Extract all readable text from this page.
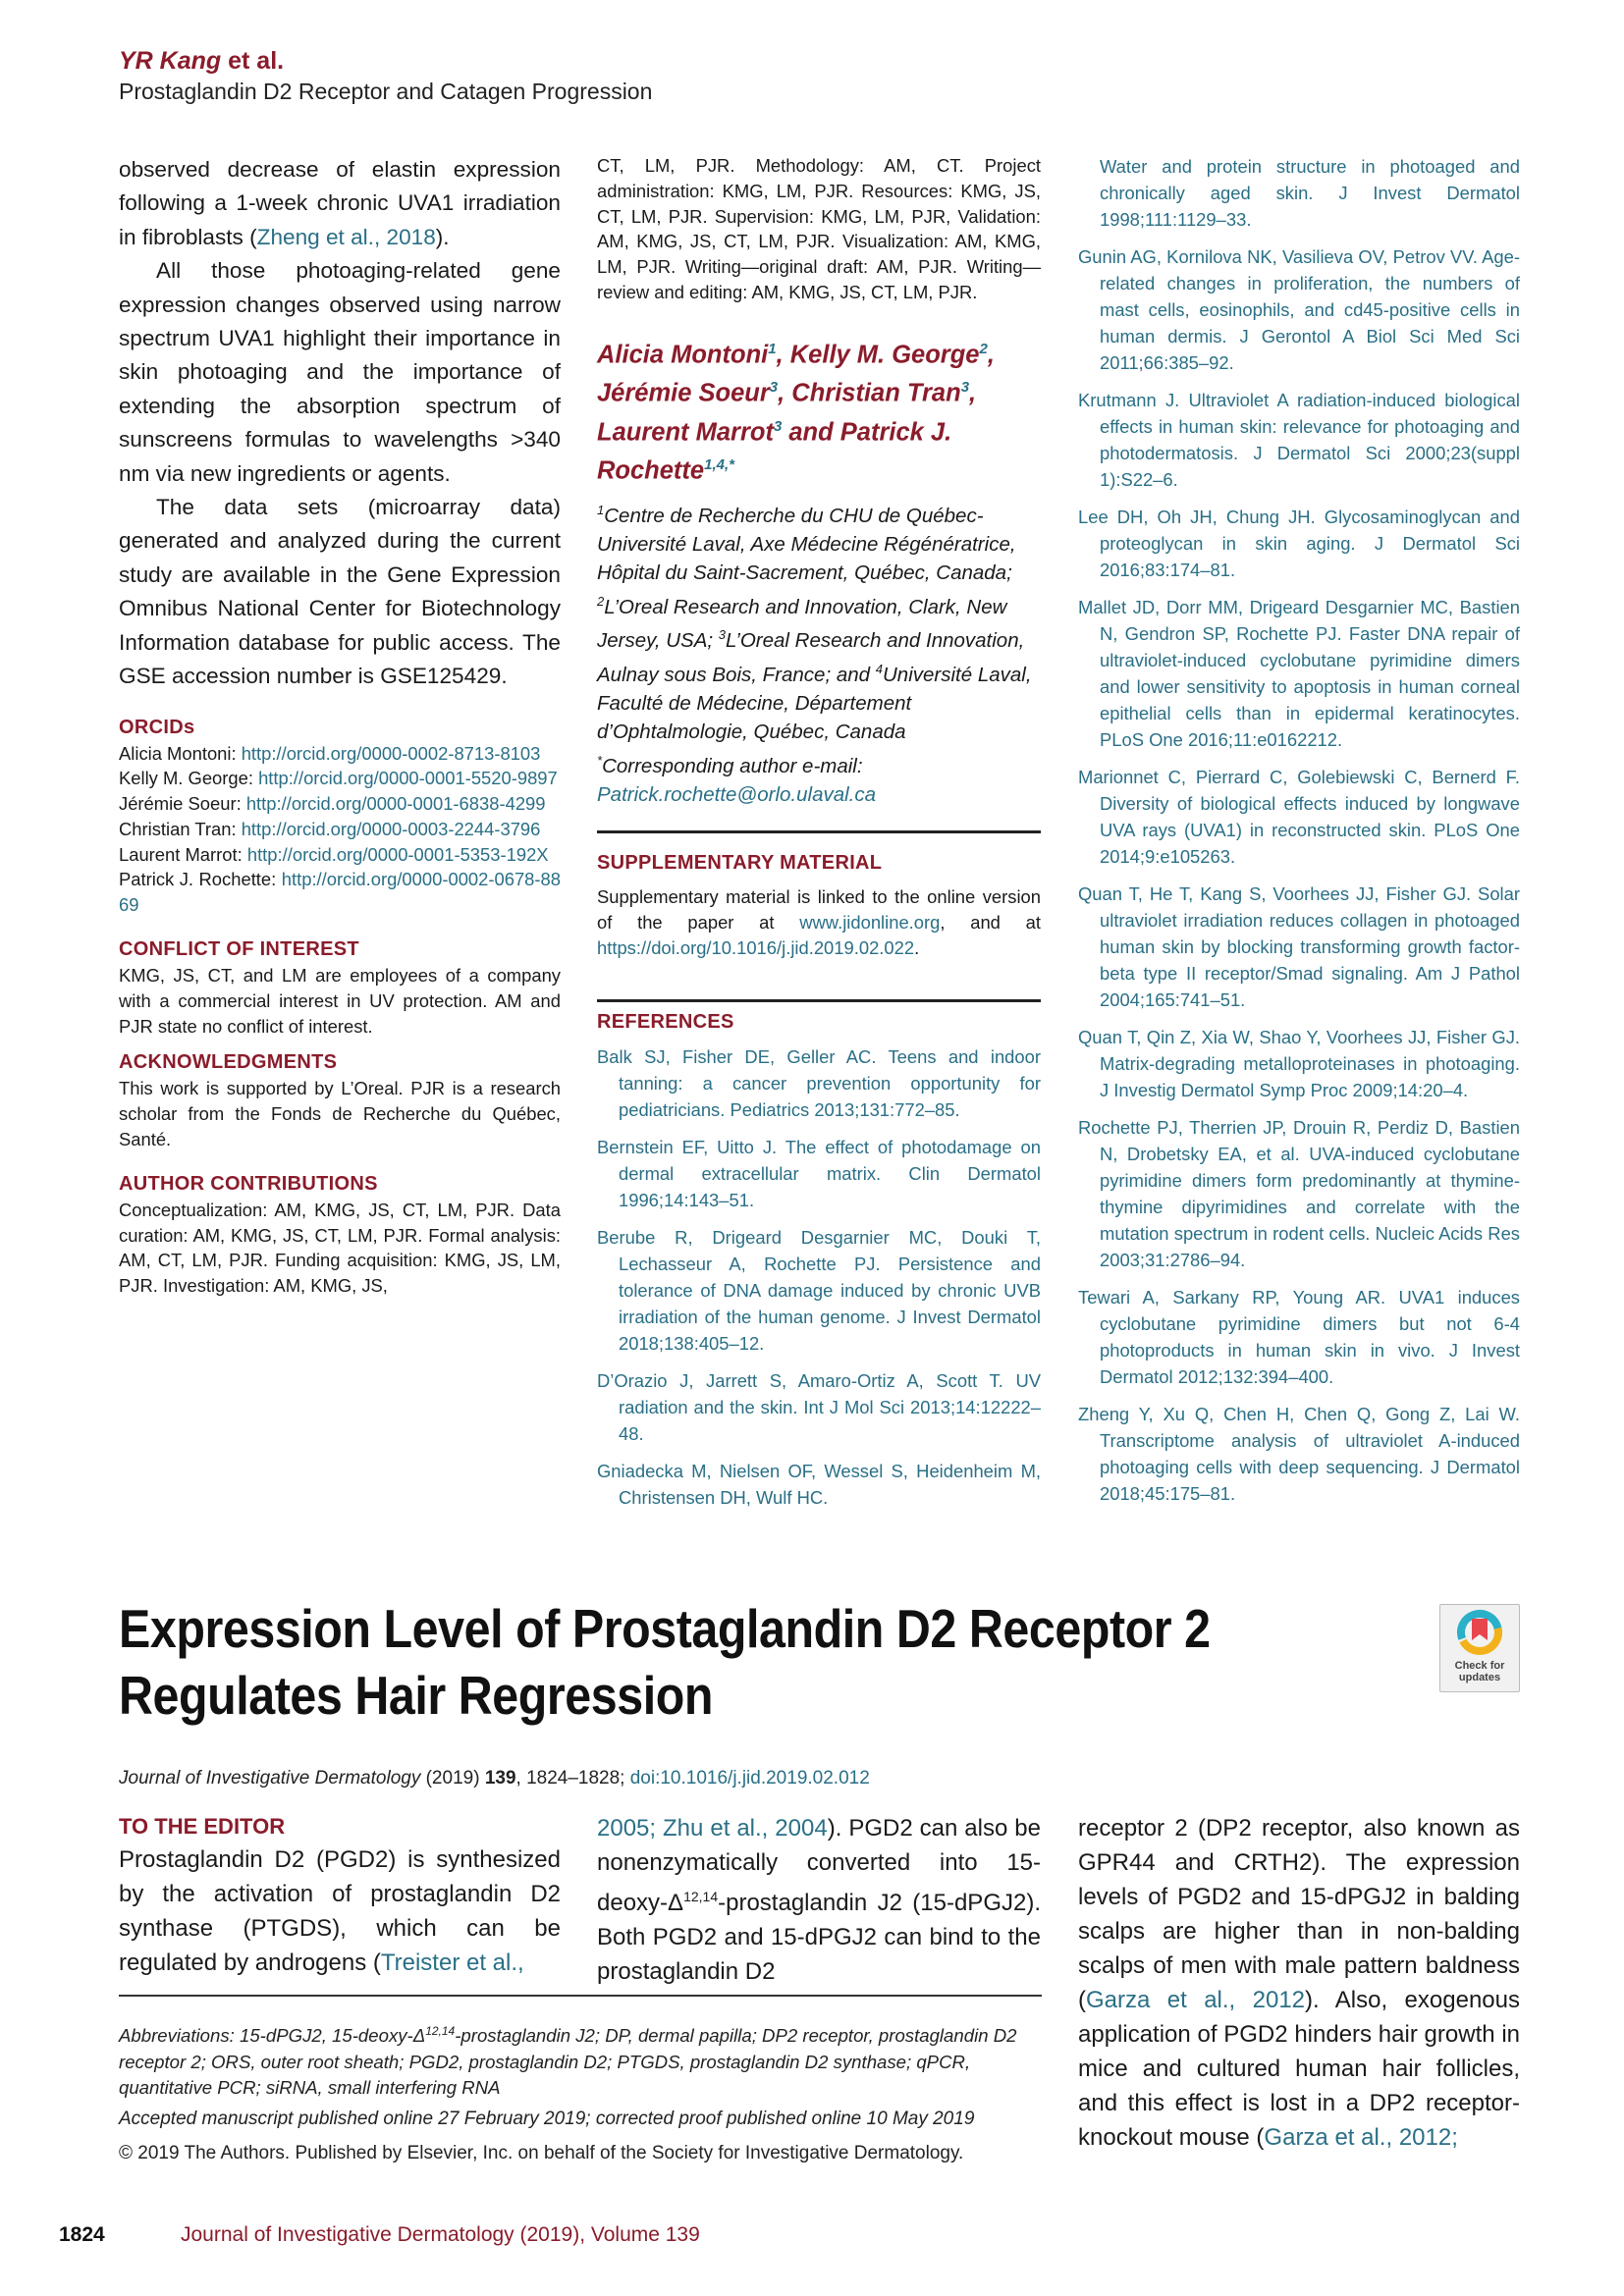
YR Kang et al.
Prostaglandin D2 Receptor and Catagen Progression

observed decrease of elastin expression following a 1-week chronic UVA1 irradiation in fibroblasts (Zheng et al., 2018).

All those photoaging-related gene expression changes observed using narrow spectrum UVA1 highlight their importance in skin photoaging and the importance of extending the absorption spectrum of sunscreens formulas to wavelengths >340 nm via new ingredients or agents.

The data sets (microarray data) generated and analyzed during the current study are available in the Gene Expression Omnibus National Center for Biotechnology Information database for public access. The GSE accession number is GSE125429.

ORCIDs

Alicia Montoni: http://orcid.org/0000-0002-8713-8103

Kelly M. George: http://orcid.org/0000-0001-5520-9897

Jérémie Soeur: http://orcid.org/0000-0001-6838-4299

Christian Tran: http://orcid.org/0000-0003-2244-3796

Laurent Marrot: http://orcid.org/0000-0001-5353-192X

Patrick J. Rochette: http://orcid.org/0000-0002-0678-8869

CONFLICT OF INTEREST

KMG, JS, CT, and LM are employees of a company with a commercial interest in UV protection. AM and PJR state no conflict of interest.

ACKNOWLEDGMENTS

This work is supported by L’Oreal. PJR is a research scholar from the Fonds de Recherche du Québec, Santé.

AUTHOR CONTRIBUTIONS

Conceptualization: AM, KMG, JS, CT, LM, PJR. Data curation: AM, KMG, JS, CT, LM, PJR. Formal analysis: AM, CT, LM, PJR. Funding acquisition: KMG, JS, LM, PJR. Investigation: AM, KMG, JS,

CT, LM, PJR. Methodology: AM, CT. Project administration: KMG, LM, PJR. Resources: KMG, JS, CT, LM, PJR. Supervision: KMG, LM, PJR, Validation: AM, KMG, JS, CT, LM, PJR. Visualization: AM, KMG, LM, PJR. Writing—original draft: AM, PJR. Writing—review and editing: AM, KMG, JS, CT, LM, PJR.

Alicia Montoni$^1$, Kelly M. George$^2$, Jérémie Soeur$^3$, Christian Tran$^3$, Laurent Marrot$^3$ and Patrick J. Rochette$^{1,4,*}$

$^1$Centre de Recherche du CHU de Québec-Université Laval, Axe Médecine Régénératrice, Hôpital du Saint-Sacrement, Québec, Canada; $^2$L’Oreal Research and Innovation, Clark, New Jersey, USA; $^3$L’Oreal Research and Innovation, Aulnay sous Bois, France; and $^4$Université Laval, Faculté de Médecine, Département d’Ophtalmologie, Québec, Canada

*Corresponding author e-mail: Patrick.rochette@orlo.ulaval.ca

SUPPLEMENTARY MATERIAL

Supplementary material is linked to the online version of the paper at www.jidonline.org, and at https://doi.org/10.1016/j.jid.2019.02.022.

REFERENCES

Balk SJ, Fisher DE, Geller AC. Teens and indoor tanning: a cancer prevention opportunity for pediatricians. Pediatrics 2013;131:772–85.

Bernstein EF, Uitto J. The effect of photodamage on dermal extracellular matrix. Clin Dermatol 1996;14:143–51.

Berube R, Drigeard Desgarnier MC, Douki T, Lechasseur A, Rochette PJ. Persistence and tolerance of DNA damage induced by chronic UVB irradiation of the human genome. J Invest Dermatol 2018;138:405–12.

D’Orazio J, Jarrett S, Amaro-Ortiz A, Scott T. UV radiation and the skin. Int J Mol Sci 2013;14:12222–48.

Gniadecka M, Nielsen OF, Wessel S, Heidenheim M, Christensen DH, Wulf HC.

Water and protein structure in photoaged and chronically aged skin. J Invest Dermatol 1998;111:1129–33.

Gunin AG, Kornilova NK, Vasilieva OV, Petrov VV. Age-related changes in proliferation, the numbers of mast cells, eosinophils, and cd45-positive cells in human dermis. J Gerontol A Biol Sci Med Sci 2011;66:385–92.

Krutmann J. Ultraviolet A radiation-induced biological effects in human skin: relevance for photoaging and photodermatosis. J Dermatol Sci 2000;23(suppl 1):S22–6.

Lee DH, Oh JH, Chung JH. Glycosaminoglycan and proteoglycan in skin aging. J Dermatol Sci 2016;83:174–81.

Mallet JD, Dorr MM, Drigeard Desgarnier MC, Bastien N, Gendron SP, Rochette PJ. Faster DNA repair of ultraviolet-induced cyclobutane pyrimidine dimers and lower sensitivity to apoptosis in human corneal epithelial cells than in epidermal keratinocytes. PLoS One 2016;11:e0162212.

Marionnet C, Pierrard C, Golebiewski C, Bernerd F. Diversity of biological effects induced by longwave UVA rays (UVA1) in reconstructed skin. PLoS One 2014;9:e105263.

Quan T, He T, Kang S, Voorhees JJ, Fisher GJ. Solar ultraviolet irradiation reduces collagen in photoaged human skin by blocking transforming growth factor-beta type II receptor/Smad signaling. Am J Pathol 2004;165:741–51.

Quan T, Qin Z, Xia W, Shao Y, Voorhees JJ, Fisher GJ. Matrix-degrading metalloproteinases in photoaging. J Investig Dermatol Symp Proc 2009;14:20–4.

Rochette PJ, Therrien JP, Drouin R, Perdiz D, Bastien N, Drobetsky EA, et al. UVA-induced cyclobutane pyrimidine dimers form predominantly at thymine-thymine dipyrimidines and correlate with the mutation spectrum in rodent cells. Nucleic Acids Res 2003;31:2786–94.

Tewari A, Sarkany RP, Young AR. UVA1 induces cyclobutane pyrimidine dimers but not 6-4 photoproducts in human skin in vivo. J Invest Dermatol 2012;132:394–400.

Zheng Y, Xu Q, Chen H, Chen Q, Gong Z, Lai W. Transcriptome analysis of ultraviolet A-induced photoaging cells with deep sequencing. J Dermatol 2018;45:175–81.

Expression Level of Prostaglandin D2 Receptor 2 Regulates Hair Regression	Check for
updates
Journal of Investigative Dermatology (2019) 139, 1824–1828; doi:10.1016/j.jid.2019.02.012

TO THE EDITOR

Prostaglandin D2 (PGD2) is synthesized by the activation of prostaglandin D2 synthase (PTGDS), which can be regulated by androgens (Treister et al.,

2005; Zhu et al., 2004). PGD2 can also be nonenzymatically converted into $15-deoxy-\Delta^{12,14}$-prostaglandin J2 (15-dPGJ2). Both PGD2 and 15-dPGJ2 can bind to the prostaglandin D2

receptor 2 (DP2 receptor, also known as GPR44 and CRTH2). The expression levels of PGD2 and 15-dPGJ2 in balding scalps are higher than in non-balding scalps of men with male pattern baldness (Garza et al., 2012). Also, exogenous application of PGD2 hinders hair growth in mice and cultured human hair follicles, and this effect is lost in a DP2 receptor-knockout mouse (Garza et al., 2012;

Abbreviations: 15-dPGJ2, $15-deoxy-\Delta^{12,14}$-prostaglandin J2; DP, dermal papilla; DP2 receptor, prostaglandin D2 receptor 2; ORS, outer root sheath; PGD2, prostaglandin D2; PTGDS, prostaglandin D2 synthase; qPCR, quantitative PCR; siRNA, small interfering RNA
Accepted manuscript published online 27 February 2019; corrected proof published online 10 May 2019
© 2019 The Authors. Published by Elsevier, Inc. on behalf of the Society for Investigative Dermatology.
1824	Journal of Investigative Dermatology (2019), Volume 139
